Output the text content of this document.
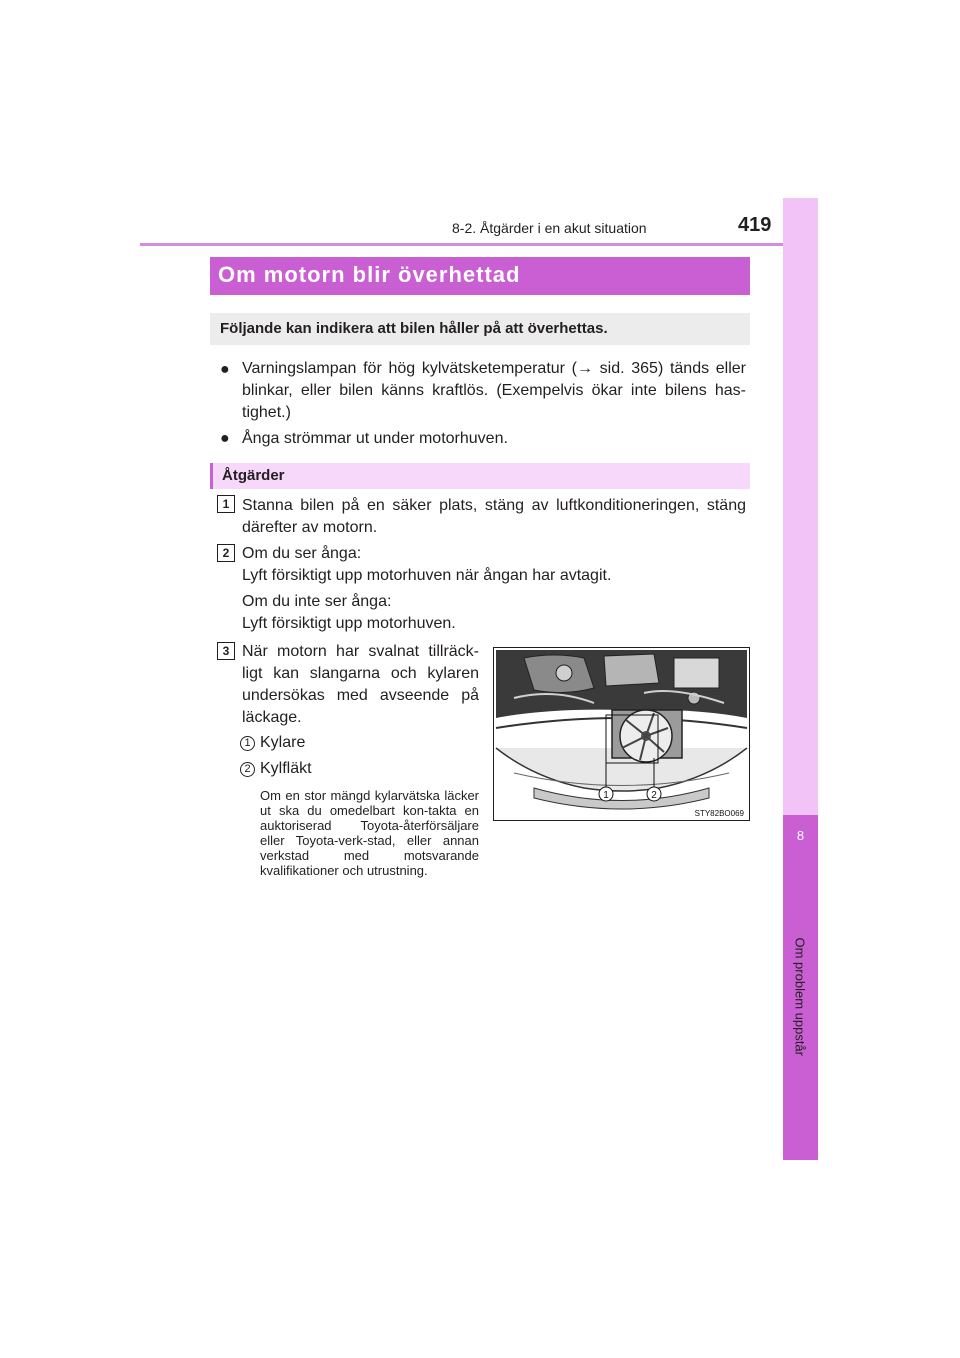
8-2. Åtgärder i en akut situation	419
8
Om problem uppstår
Om motorn blir överhettad
Följande kan indikera att bilen håller på att överhettas.
● Varningslampan för hög kylvätsketemperatur (→ sid. 365) tänds eller blinkar, eller bilen känns kraftlös. (Exempelvis ökar inte bilens has-tighet.)
● Ånga strömmar ut under motorhuven.
Åtgärder
1 Stanna bilen på en säker plats, stäng av luftkonditioneringen, stäng därefter av motorn.
2 Om du ser ånga:
Lyft försiktigt upp motorhuven när ångan har avtagit.
Om du inte ser ånga:
Lyft försiktigt upp motorhuven.
3 När motorn har svalnat tillräck-ligt kan slangarna och kylaren undersökas med avseende på läckage.
1 Kylare
2 Kylfläkt
Om en stor mängd kylarvätska läcker ut ska du omedelbart kon-takta en auktoriserad Toyota-återförsäljare eller Toyota-verk-stad, eller annan verkstad med motsvarande kvalifikationer och utrustning.
1	2
STY82BO069
